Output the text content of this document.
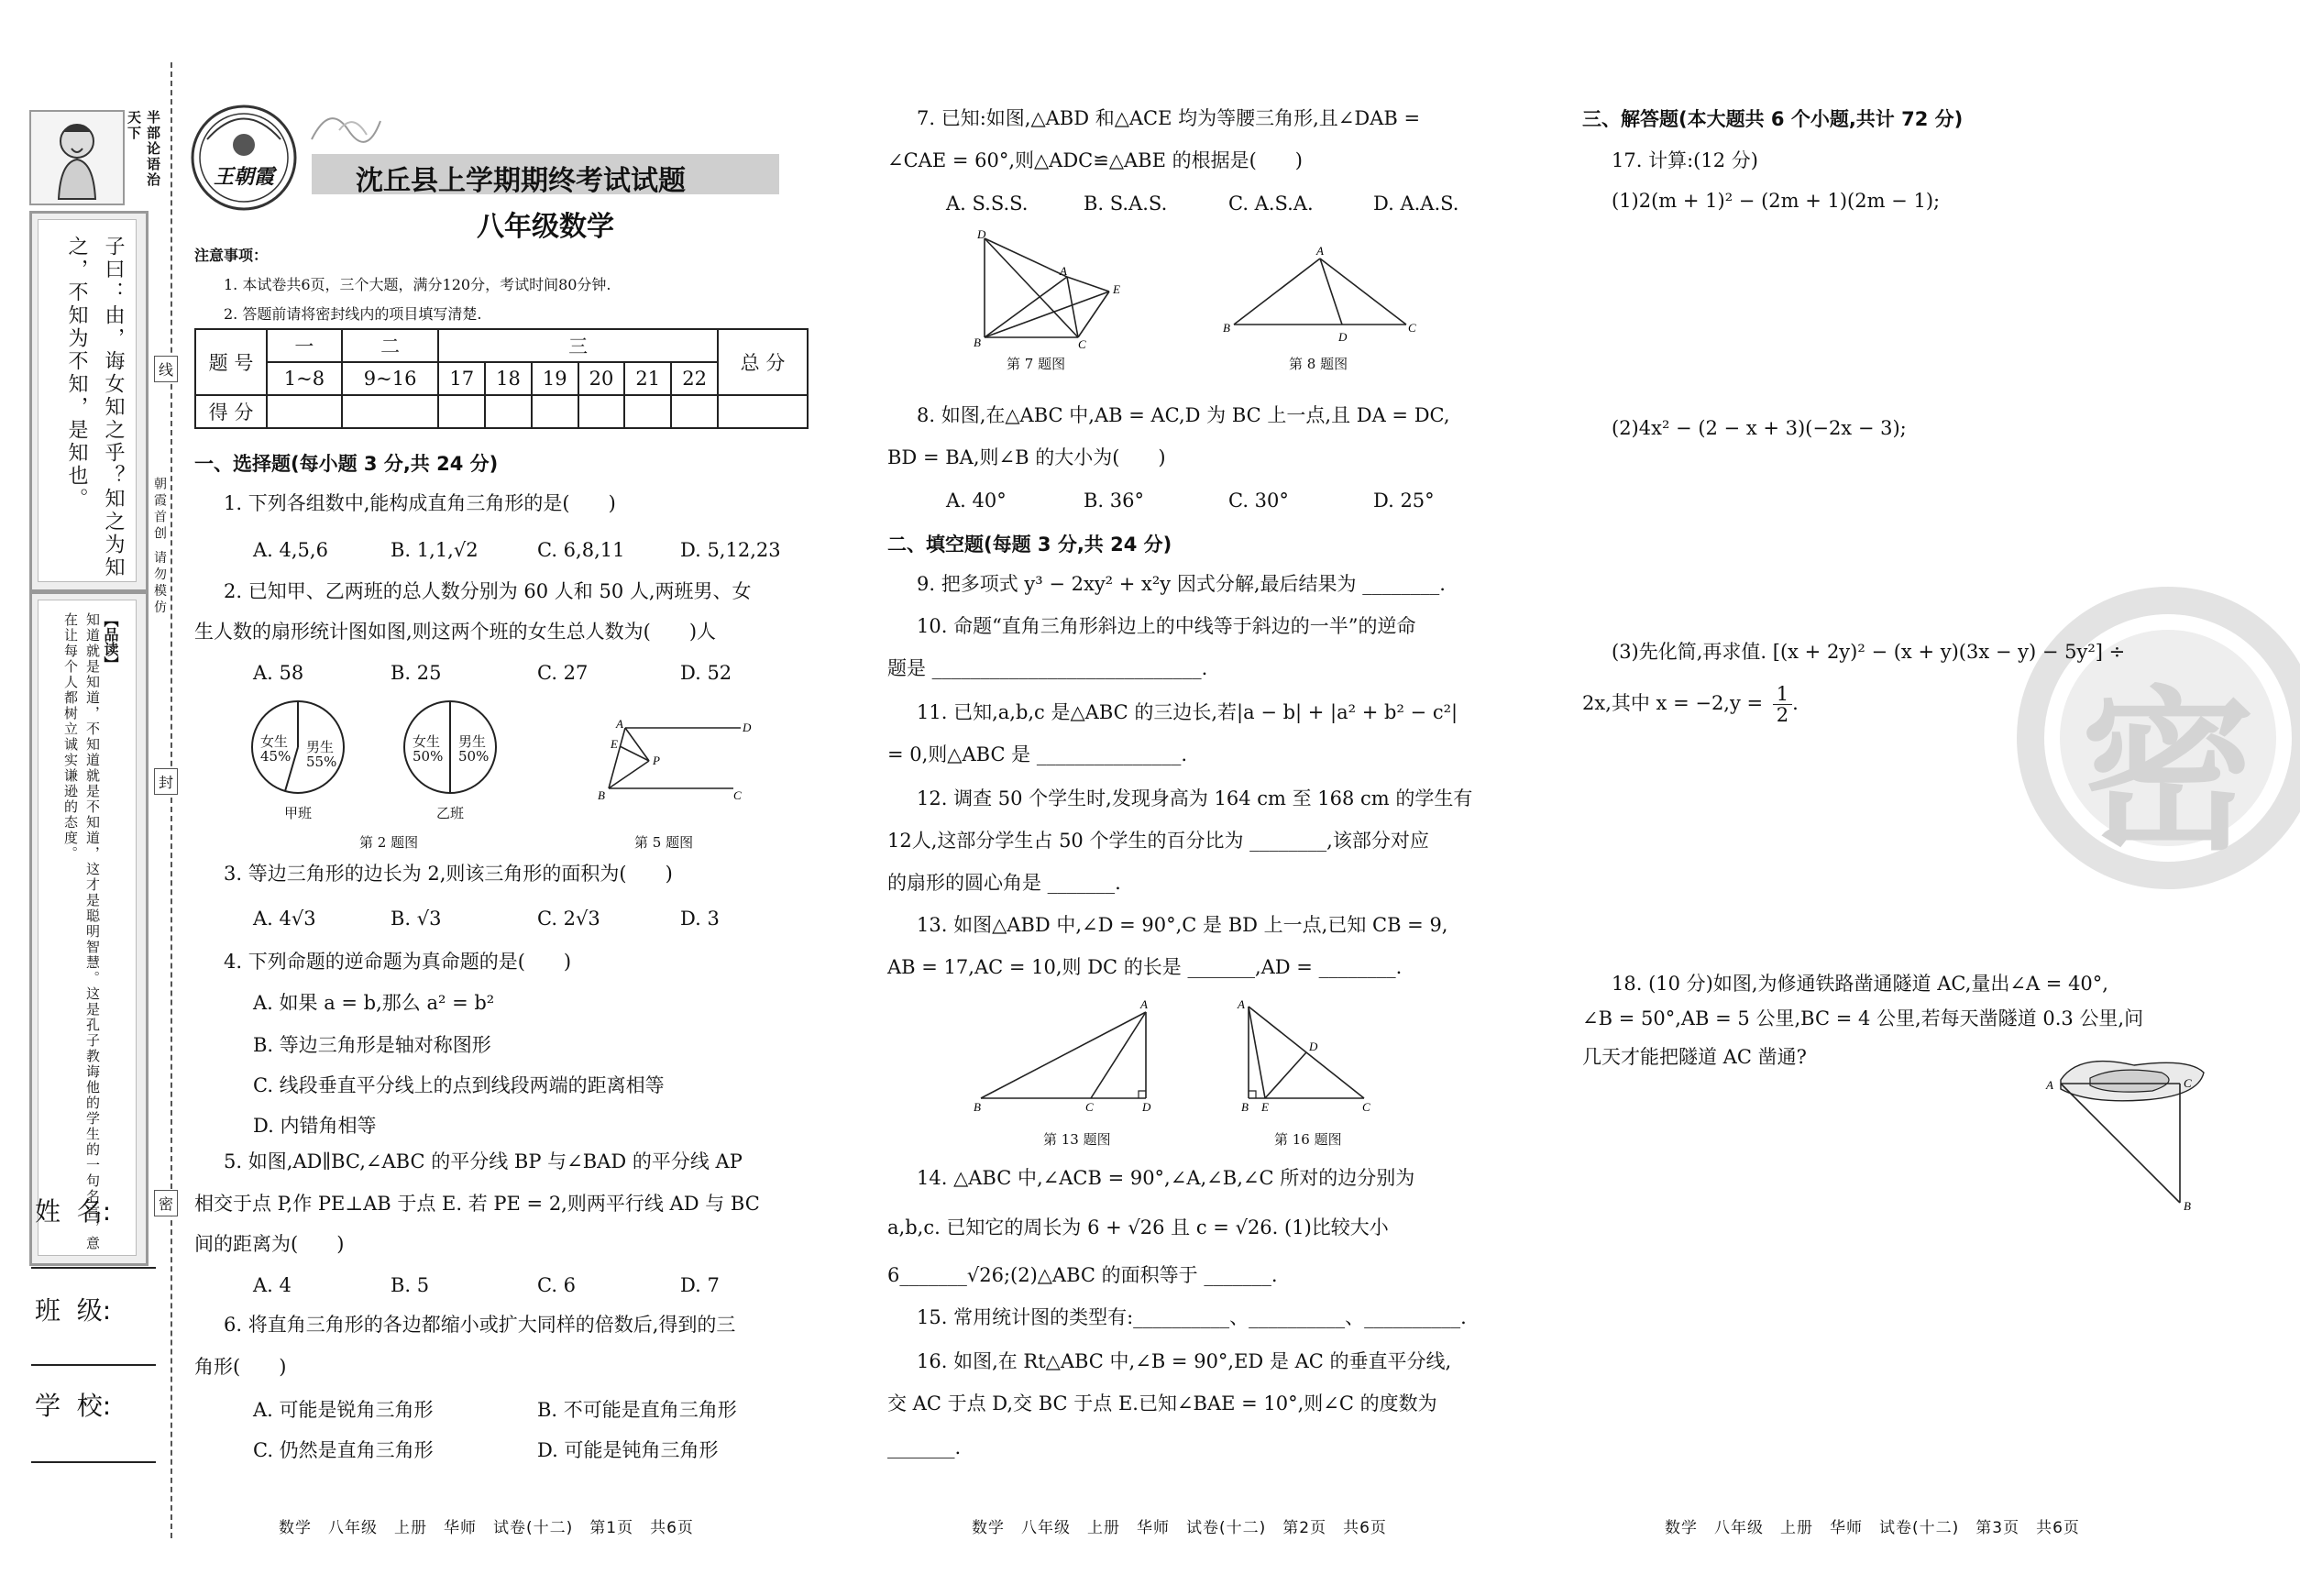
半部论语治天下
子曰：由，诲女知之乎？知之为知之，不知为不知，是知也。
【品读】
知道就是知道，不知道就是不知道，这才是聪明智慧。这是孔子教诲他的学生的一句名言，意在让每个人都树立诚实谦逊的态度。
姓  名:
班  级:
学  校:
线
封
密
朝霞首创 请勿模仿
王朝霞	沈丘县上学期期终考试试题
八年级数学
注意事项：
1. 本试卷共6页，三个大题，满分120分，考试时间80分钟.
2. 答题前请将密封线内的项目填写清楚.
题 号	一	二	三						总 分
	1~8	9~16	17	18	19	20	21	22	
得 分									
一、选择题(每小题 3 分,共 24 分)
1. 下列各组数中,能构成直角三角形的是(　　)
A. 4,5,6	B. 1,1,√2	C. 6,8,11	D. 5,12,23
2. 已知甲、乙两班的总人数分别为 60 人和 50 人,两班男、女
生人数的扇形统计图如图,则这两个班的女生总人数为(　　)人
A. 58	B. 25	C. 27	D. 52
女生
45%
男生
55%
甲班
女生
50%
男生
50%
乙班
第 2 题图
A	D
E
P
B	C
第 5 题图
3. 等边三角形的边长为 2,则该三角形的面积为(　　)
A. 4√3	B. √3	C. 2√3	D. 3
4. 下列命题的逆命题为真命题的是(　　)
A. 如果 a = b,那么 a² = b²
B. 等边三角形是轴对称图形
C. 线段垂直平分线上的点到线段两端的距离相等
D. 内错角相等
5. 如图,AD∥BC,∠ABC 的平分线 BP 与∠BAD 的平分线 AP
相交于点 P,作 PE⊥AB 于点 E. 若 PE = 2,则两平行线 AD 与 BC
间的距离为(　　)
A. 4	B. 5	C. 6	D. 7
6. 将直角三角形的各边都缩小或扩大同样的倍数后,得到的三
角形(　　)
A. 可能是锐角三角形	B. 不可能是直角三角形
C. 仍然是直角三角形	D. 可能是钝角三角形
数学　八年级　上册　华师　试卷(十二)　第1页　共6页
7. 已知:如图,△ABD 和△ACE 均为等腰三角形,且∠DAB =
∠CAE = 60°,则△ADC≌△ABE 的根据是(　　)
A. S.S.S.	B. S.A.S.	C. A.S.A.	D. A.A.S.
D
A
E
B	C
第 7 题图
A
B	C
D
第 8 题图
8. 如图,在△ABC 中,AB = AC,D 为 BC 上一点,且 DA = DC,
BD = BA,则∠B 的大小为(　　)
A. 40°	B. 36°	C. 30°	D. 25°
二、填空题(每题 3 分,共 24 分)
9. 把多项式 y³ − 2xy² + x²y 因式分解,最后结果为 ________.
10. 命题“直角三角形斜边上的中线等于斜边的一半”的逆命
题是 ____________________________.
11. 已知,a,b,c 是△ABC 的三边长,若|a − b| + |a² + b² − c²|
= 0,则△ABC 是 _______________.
12. 调查 50 个学生时,发现身高为 164 cm 至 168 cm 的学生有
12人,这部分学生占 50 个学生的百分比为 ________,该部分对应
的扇形的圆心角是 _______.
13. 如图△ABD 中,∠D = 90°,C 是 BD 上一点,已知 CB = 9,
AB = 17,AC = 10,则 DC 的长是 _______,AD = ________.
A
B	C	D
第 13 题图
A
D
B E	C
第 16 题图
14. △ABC 中,∠ACB = 90°,∠A,∠B,∠C 所对的边分别为
a,b,c. 已知它的周长为 6 + √26 且 c = √26. (1)比较大小
6_______√26;(2)△ABC 的面积等于 _______.
15. 常用统计图的类型有:__________、__________、__________.
16. 如图,在 Rt△ABC 中,∠B = 90°,ED 是 AC 的垂直平分线,
交 AC 于点 D,交 BC 于点 E.已知∠BAE = 10°,则∠C 的度数为
_______.
数学　八年级　上册　华师　试卷(十二)　第2页　共6页
密
三、解答题(本大题共 6 个小题,共计 72 分)
17. 计算:(12 分)
(1)2(m + 1)² − (2m + 1)(2m − 1);
(2)4x² − (2 − x + 3)(−2x − 3);
(3)先化简,再求值. [(x + 2y)² − (x + y)(3x − y) − 5y²] ÷
2x,其中 $x = -2,y = \frac{1}{2}$ .
18. (10 分)如图,为修通铁路凿通隧道 AC,量出∠A = 40°,
∠B = 50°,AB = 5 公里,BC = 4 公里,若每天凿隧道 0.3 公里,问
几天才能把隧道 AC 凿通?
A	C
B
数学　八年级　上册　华师　试卷(十二)　第3页　共6页
